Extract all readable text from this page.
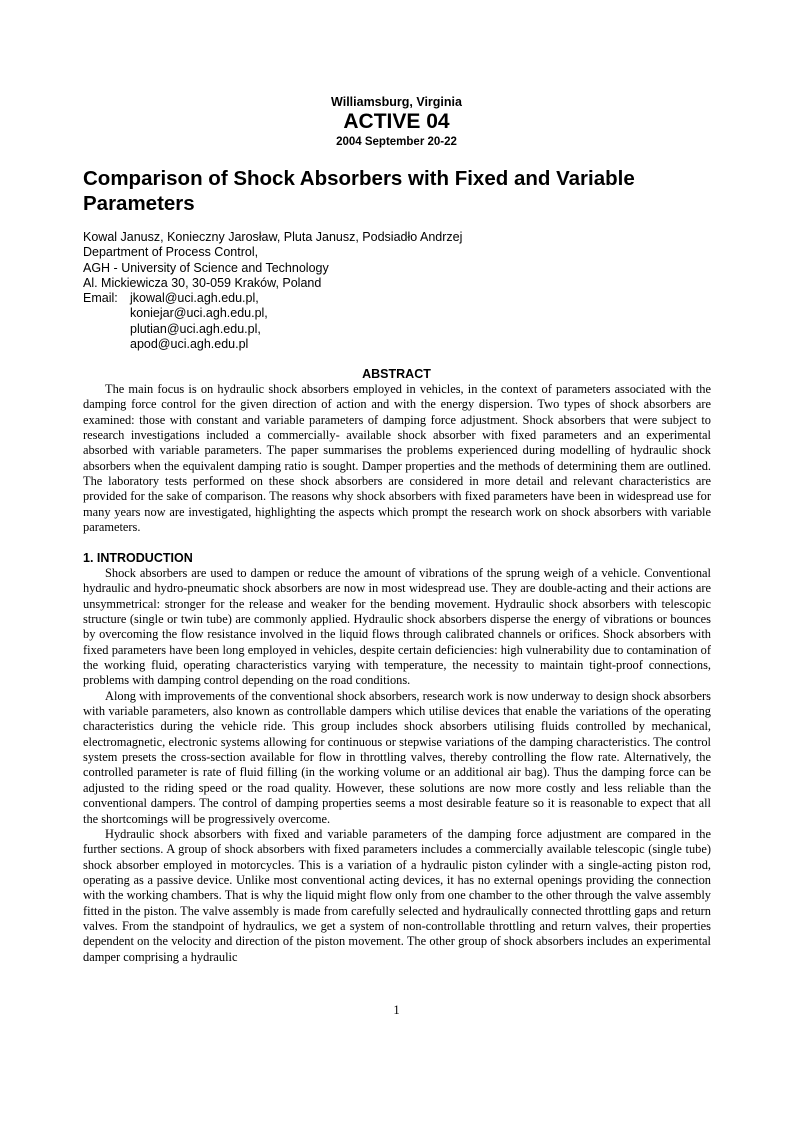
Williamsburg, Virginia
ACTIVE 04
2004 September 20-22
Comparison of Shock Absorbers with Fixed and Variable Parameters
Kowal Janusz, Konieczny Jarosław, Pluta Janusz, Podsiadło Andrzej
Department of Process Control,
AGH - University of Science and Technology
Al. Mickiewicza 30, 30-059 Kraków, Poland
Email: jkowal@uci.agh.edu.pl,
koniejar@uci.agh.edu.pl,
plutian@uci.agh.edu.pl,
apod@uci.agh.edu.pl
ABSTRACT

The main focus is on hydraulic shock absorbers employed in vehicles, in the context of parameters associated with the damping force control for the given direction of action and with the energy dispersion. Two types of shock absorbers are examined: those with constant and variable parameters of damping force adjustment. Shock absorbers that were subject to research investigations included a commercially- available shock absorber with fixed parameters and an experimental absorbed with variable parameters. The paper summarises the problems experienced during modelling of hydraulic shock absorbers when the equivalent damping ratio is sought. Damper properties and the methods of determining them are outlined. The laboratory tests performed on these shock absorbers are considered in more detail and relevant characteristics are provided for the sake of comparison. The reasons why shock absorbers with fixed parameters have been in widespread use for many years now are investigated, highlighting the aspects which prompt the research work on shock absorbers with variable parameters.

1. INTRODUCTION

Shock absorbers are used to dampen or reduce the amount of vibrations of the sprung weigh of a vehicle. Conventional hydraulic and hydro-pneumatic shock absorbers are now in most widespread use. They are double-acting and their actions are unsymmetrical: stronger for the release and weaker for the bending movement. Hydraulic shock absorbers with telescopic structure (single or twin tube) are commonly applied. Hydraulic shock absorbers disperse the energy of vibrations or bounces by overcoming the flow resistance involved in the liquid flows through calibrated channels or orifices. Shock absorbers with fixed parameters have been long employed in vehicles, despite certain deficiencies: high vulnerability due to contamination of the working fluid, operating characteristics varying with temperature, the necessity to maintain tight-proof connections, problems with damping control depending on the road conditions.

Along with improvements of the conventional shock absorbers, research work is now underway to design shock absorbers with variable parameters, also known as controllable dampers which utilise devices that enable the variations of the operating characteristics during the vehicle ride. This group includes shock absorbers utilising fluids controlled by mechanical, electromagnetic, electronic systems allowing for continuous or stepwise variations of the damping characteristics. The control system presets the cross-section available for flow in throttling valves, thereby controlling the flow rate. Alternatively, the controlled parameter is rate of fluid filling (in the working volume or an additional air bag). Thus the damping force can be adjusted to the riding speed or the road quality. However, these solutions are now more costly and less reliable than the conventional dampers. The control of damping properties seems a most desirable feature so it is reasonable to expect that all the shortcomings will be progressively overcome.

Hydraulic shock absorbers with fixed and variable parameters of the damping force adjustment are compared in the further sections. A group of shock absorbers with fixed parameters includes a commercially available telescopic (single tube) shock absorber employed in motorcycles. This is a variation of a hydraulic piston cylinder with a single-acting piston rod, operating as a passive device. Unlike most conventional acting devices, it has no external openings providing the connection with the working chambers. That is why the liquid might flow only from one chamber to the other through the valve assembly fitted in the piston. The valve assembly is made from carefully selected and hydraulically connected throttling gaps and return valves. From the standpoint of hydraulics, we get a system of non-controllable throttling and return valves, their properties dependent on the velocity and direction of the piston movement. The other group of shock absorbers includes an experimental damper comprising a hydraulic

1
